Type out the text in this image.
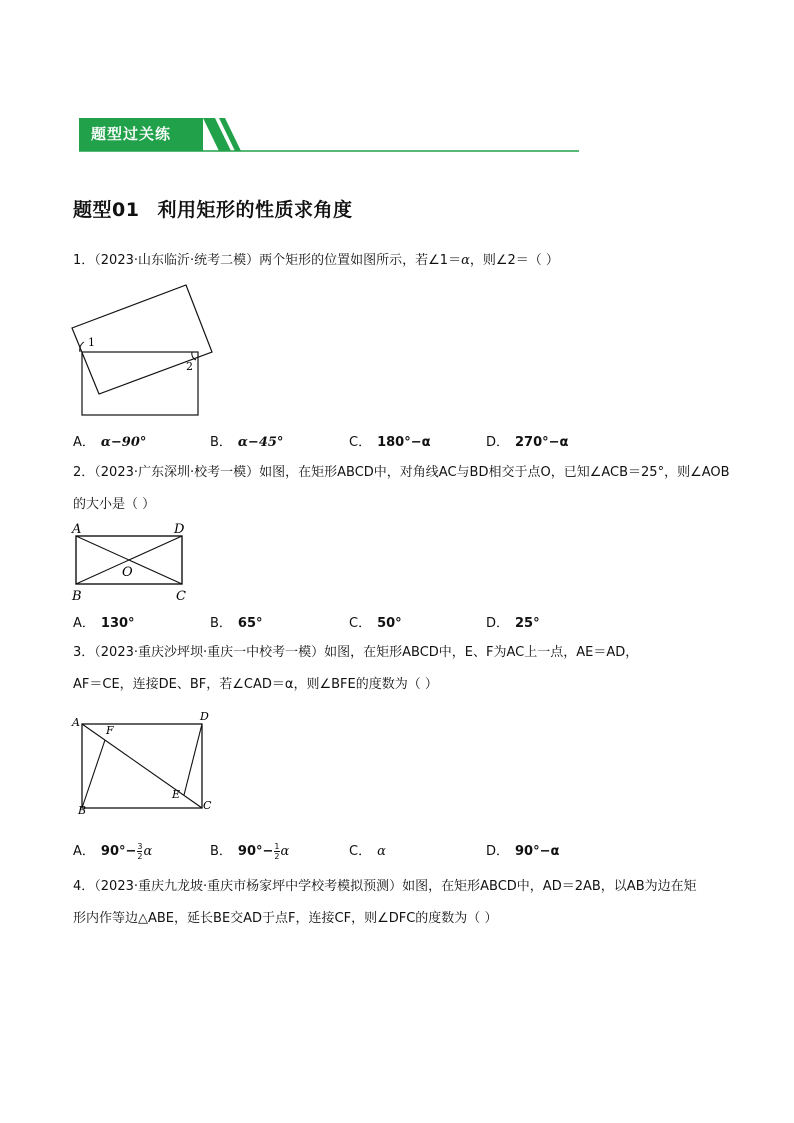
题型过关练
题型01 利用矩形的性质求角度
1．（2023·山东临沂·统考二模）两个矩形的位置如图所示，若∠1＝α，则∠2＝（ ）
1
2
A． α−90°	B． α−45°	C． 180°−α	D． 270°−α
2．（2023·广东深圳·校考一模）如图，在矩形ABCD中，对角线AC与BD相交于点O，已知∠ACB＝25°，则∠AOB
的大小是（ ）
A	D
O
B	C
A． 130°	B． 65°	C． 50°	D． 25°
3．（2023·重庆沙坪坝·重庆一中校考一模）如图，在矩形ABCD中，E、F为AC上一点，AE＝AD，
AF＝CE，连接DE、BF，若∠CAD＝α，则∠BFE的度数为（ ）
A
F
D
E
B	C
A． $90^\circ- \frac{3}{2}$ α	B． $90^\circ- \frac{1}{2}$ α	C． α	D． 90°−α
4．（2023·重庆九龙坡·重庆市杨家坪中学校考模拟预测）如图，在矩形ABCD中，AD＝2AB，以AB为边在矩
形内作等边△ABE，延长BE交AD于点F，连接CF，则∠DFC的度数为（ ）
